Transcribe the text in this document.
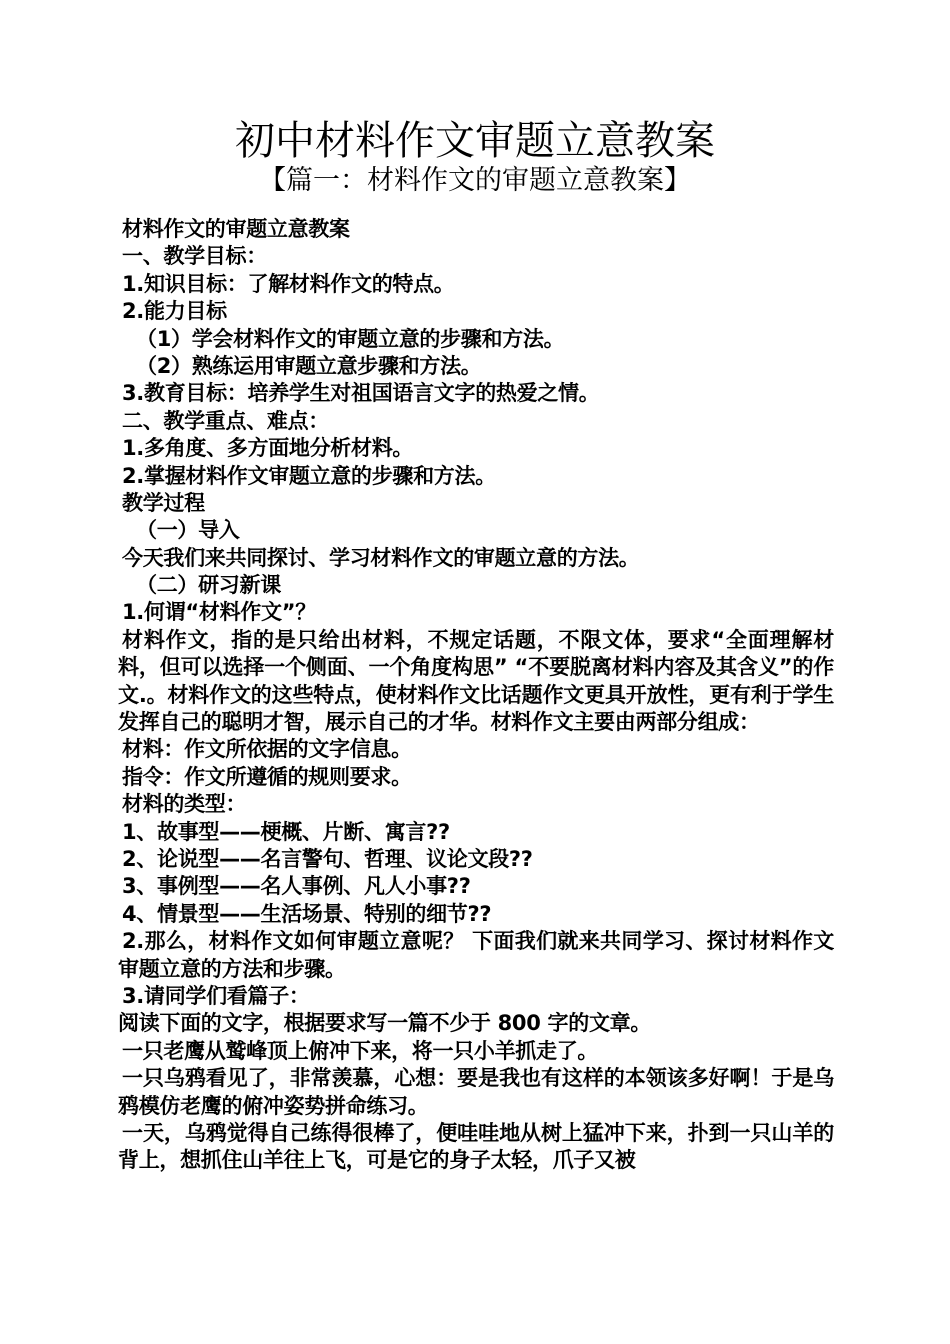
初中材料作文审题立意教案
【篇一：材料作文的审题立意教案】
材料作文的审题立意教案
一、教学目标：
1.知识目标：了解材料作文的特点。
2.能力目标
（1）学会材料作文的审题立意的步骤和方法。
（2）熟练运用审题立意步骤和方法。
3.教育目标：培养学生对祖国语言文字的热爱之情。
二、教学重点、难点：
1.多角度、多方面地分析材料。
2.掌握材料作文审题立意的步骤和方法。
教学过程
（一）导入
今天我们来共同探讨、学习材料作文的审题立意的方法。
（二）研习新课
1.何谓“材料作文”？
材料作文，指的是只给出材料，不规定话题，不限文体，要求“全面理解材料，但可以选择一个侧面、一个角度构思” “不要脱离材料内容及其含义”的作文.。材料作文的这些特点，使材料作文比话题作文更具开放性，更有利于学生发挥自己的聪明才智，展示自己的才华。材料作文主要由两部分组成：
材料：作文所依据的文字信息。
指令：作文所遵循的规则要求。
材料的类型：
1、故事型——梗概、片断、寓言??
2、论说型——名言警句、哲理、议论文段??
3、事例型——名人事例、凡人小事??
4、情景型——生活场景、特别的细节??
2.那么，材料作文如何审题立意呢？ 下面我们就来共同学习、探讨材料作文审题立意的方法和步骤。
3.请同学们看篇子：
阅读下面的文字，根据要求写一篇不少于 800 字的文章。
一只老鹰从鹫峰顶上俯冲下来，将一只小羊抓走了。
一只乌鸦看见了，非常羡慕，心想：要是我也有这样的本领该多好啊！于是乌鸦模仿老鹰的俯冲姿势拼命练习。
一天，乌鸦觉得自己练得很棒了，便哇哇地从树上猛冲下来，扑到一只山羊的背上，想抓住山羊往上飞，可是它的身子太轻，爪子又被
